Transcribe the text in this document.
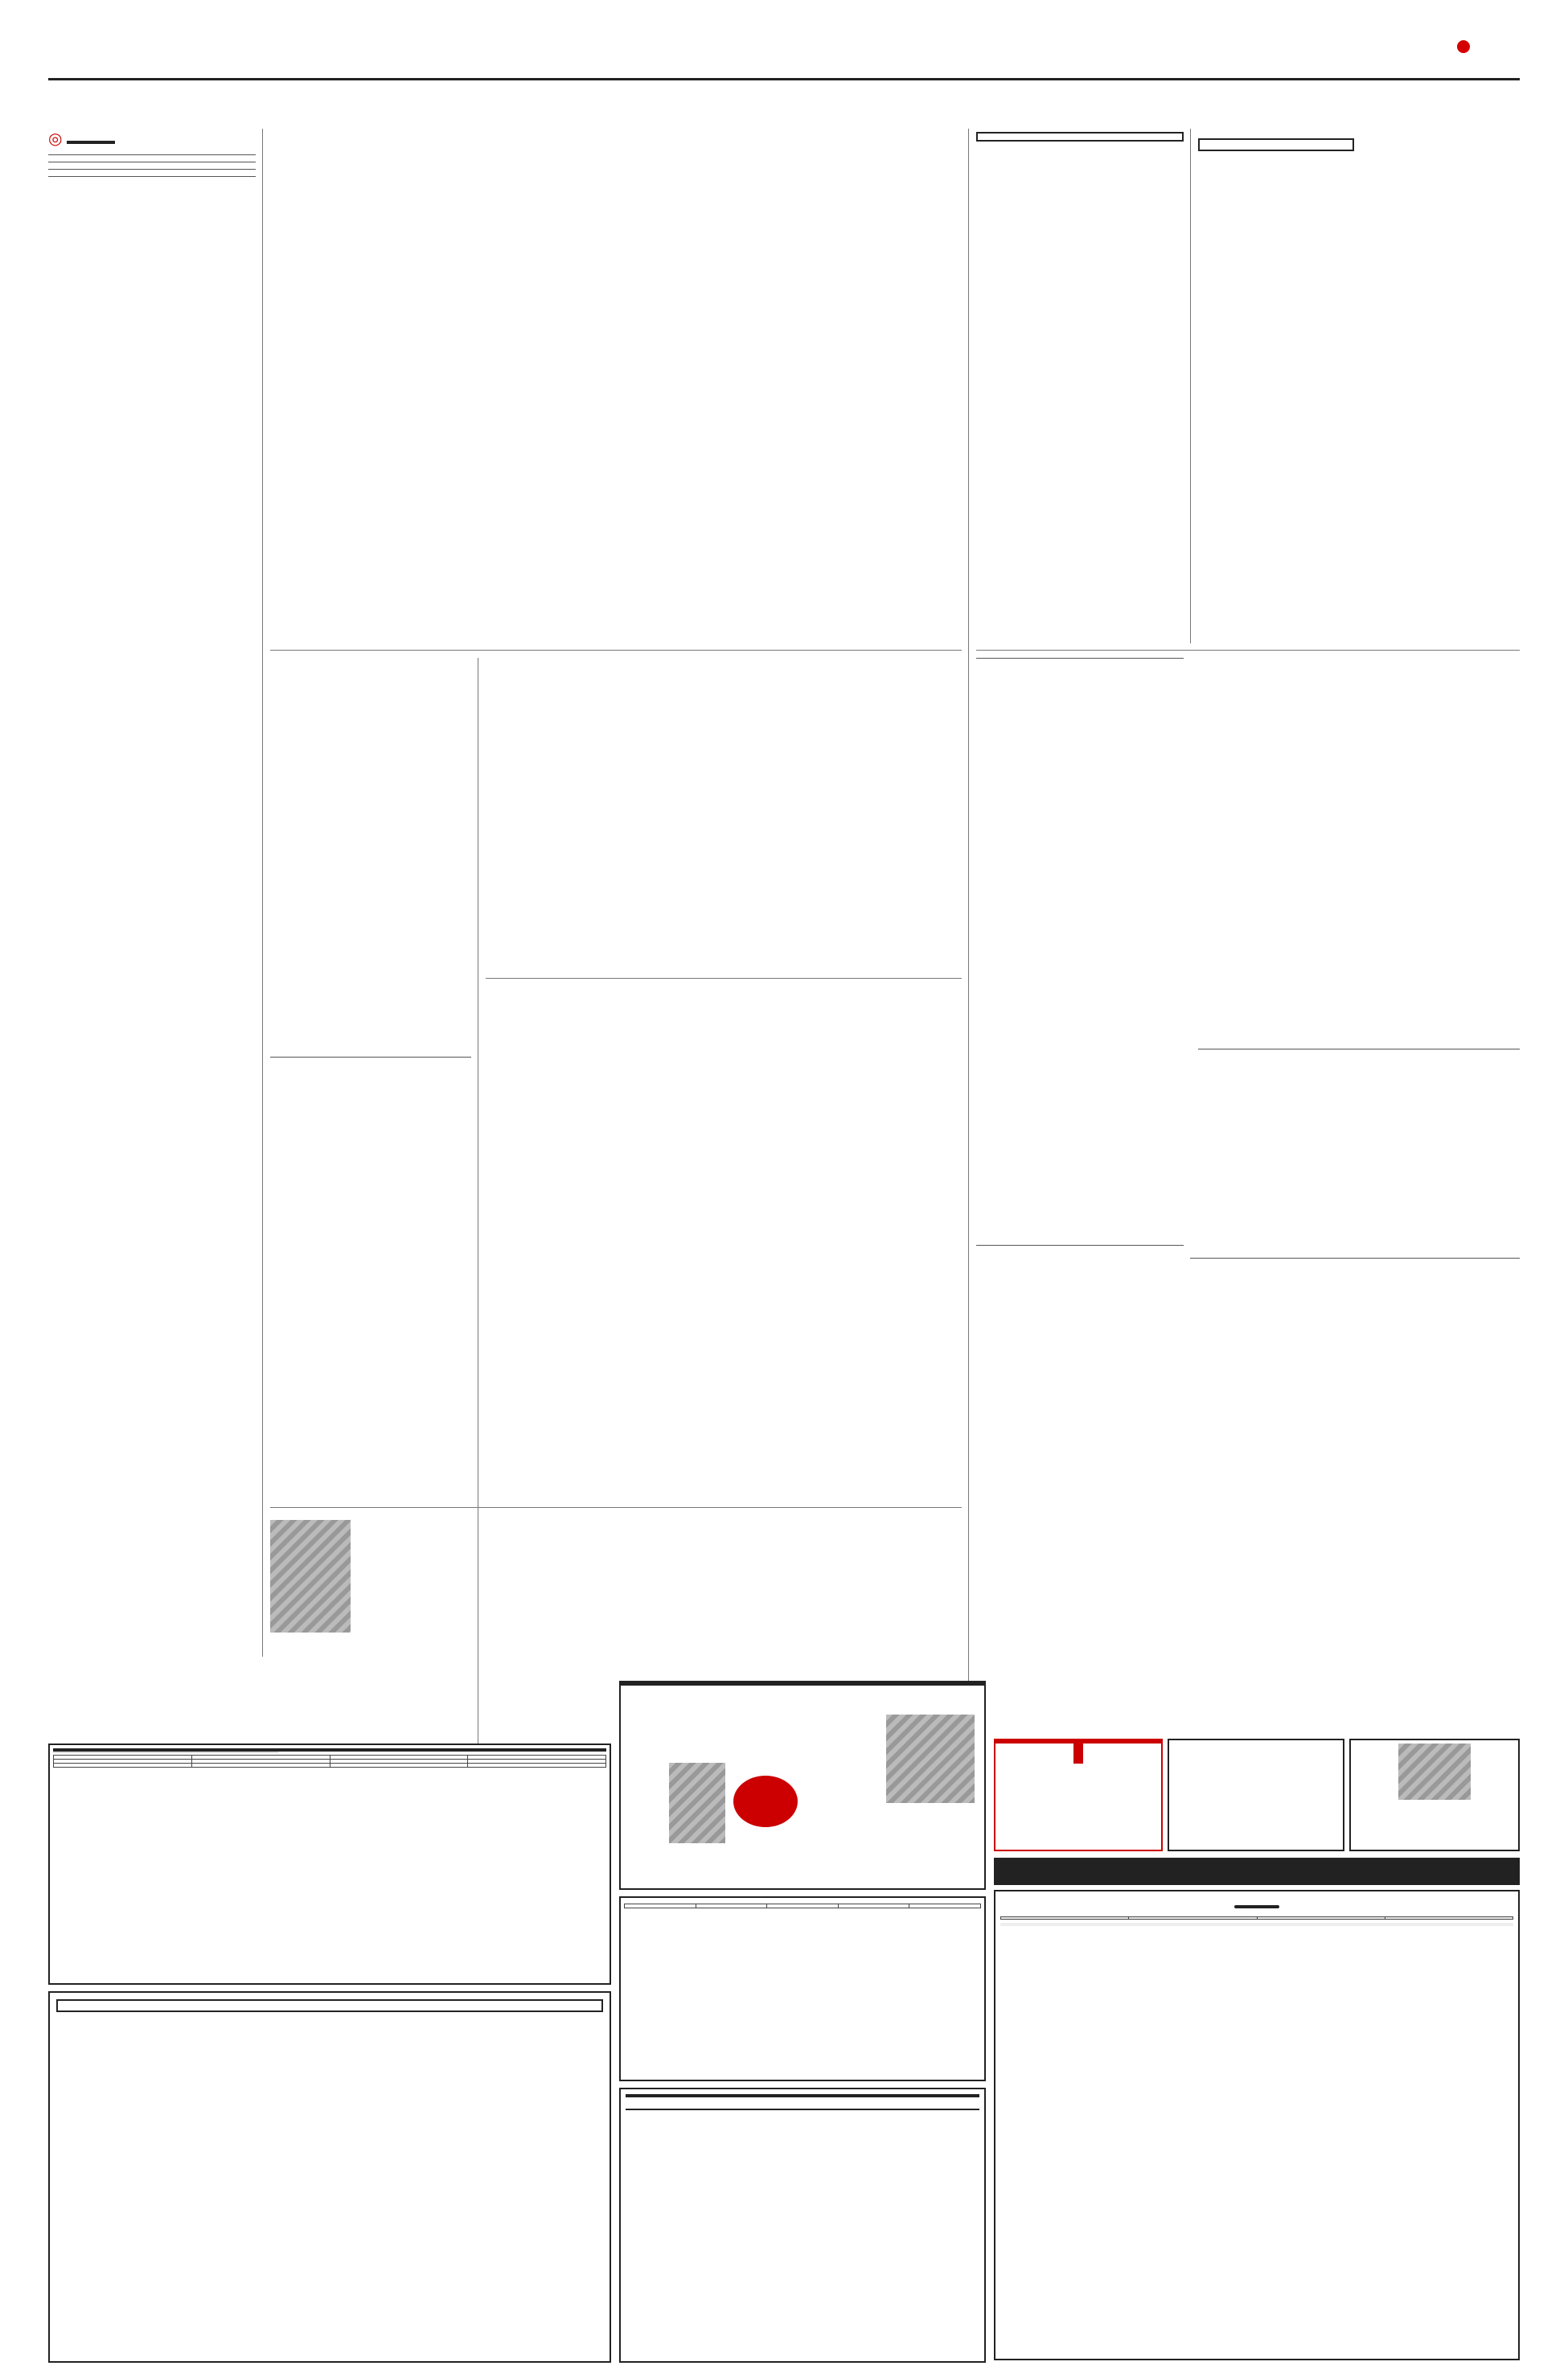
◎
